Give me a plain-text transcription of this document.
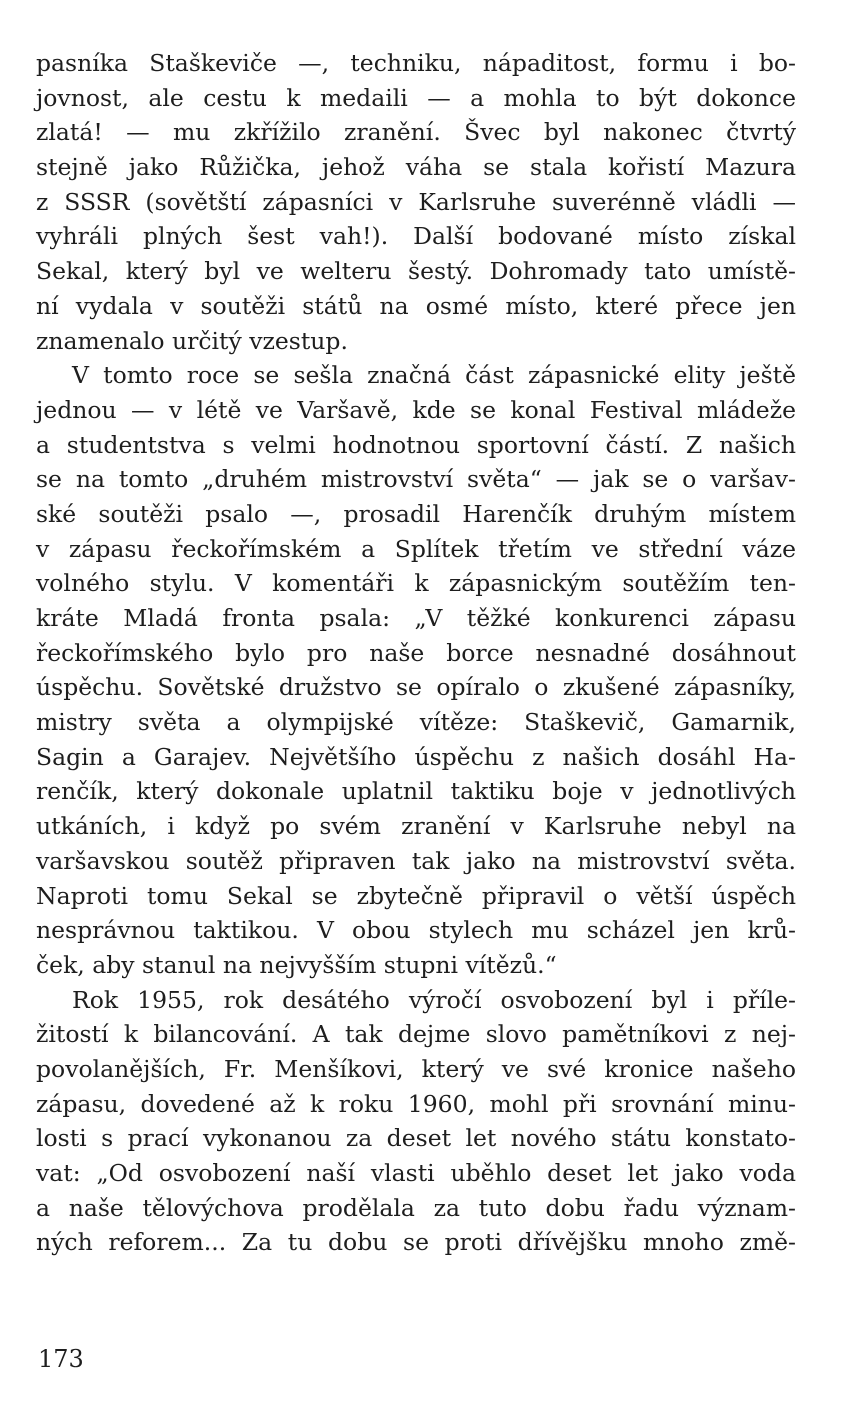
pasníka Staškeviče —, techniku, nápaditost, formu i bo-
jovnost, ale cestu k medaili — a mohla to být dokonce
zlatá! — mu zkřížilo zranění. Švec byl nakonec čtvrtý
stejně jako Růžička, jehož váha se stala kořistí Mazura
z SSSR (sovětští zápasníci v Karlsruhe suverénně vládli —
vyhráli plných šest vah!). Další bodované místo získal
Sekal, který byl ve welteru šestý. Dohromady tato umístě-
ní vydala v soutěži států na osmé místo, které přece jen
znamenalo určitý vzestup.
V tomto roce se sešla značná část zápasnické elity ještě
jednou — v létě ve Varšavě, kde se konal Festival mládeže
a studentstva s velmi hodnotnou sportovní částí. Z našich
se na tomto „druhém mistrovství světa“ — jak se o varšav-
ské soutěži psalo —, prosadil Harenčík druhým místem
v zápasu řeckořímském a Splítek třetím ve střední váze
volného stylu. V komentáři k zápasnickým soutěžím ten-
kráte Mladá fronta psala: „V těžké konkurenci zápasu
řeckořímského bylo pro naše borce nesnadné dosáhnout
úspěchu. Sovětské družstvo se opíralo o zkušené zápasníky,
mistry světa a olympijské vítěze: Staškevič, Gamarnik,
Sagin a Garajev. Největšího úspěchu z našich dosáhl Ha-
renčík, který dokonale uplatnil taktiku boje v jednotlivých
utkáních, i když po svém zranění v Karlsruhe nebyl na
varšavskou soutěž připraven tak jako na mistrovství světa.
Naproti tomu Sekal se zbytečně připravil o větší úspěch
nesprávnou taktikou. V obou stylech mu scházel jen krů-
ček, aby stanul na nejvyšším stupni vítězů.“
Rok 1955, rok desátého výročí osvobození byl i příle-
žitostí k bilancování. A tak dejme slovo pamětníkovi z nej-
povolanějších, Fr. Menšíkovi, který ve své kronice našeho
zápasu, dovedené až k roku 1960, mohl při srovnání minu-
losti s prací vykonanou za deset let nového státu konstato-
vat: „Od osvobození naší vlasti uběhlo deset let jako voda
a naše tělovýchova prodělala za tuto dobu řadu význam-
ných reforem... Za tu dobu se proti dřívějšku mnoho změ-
173
